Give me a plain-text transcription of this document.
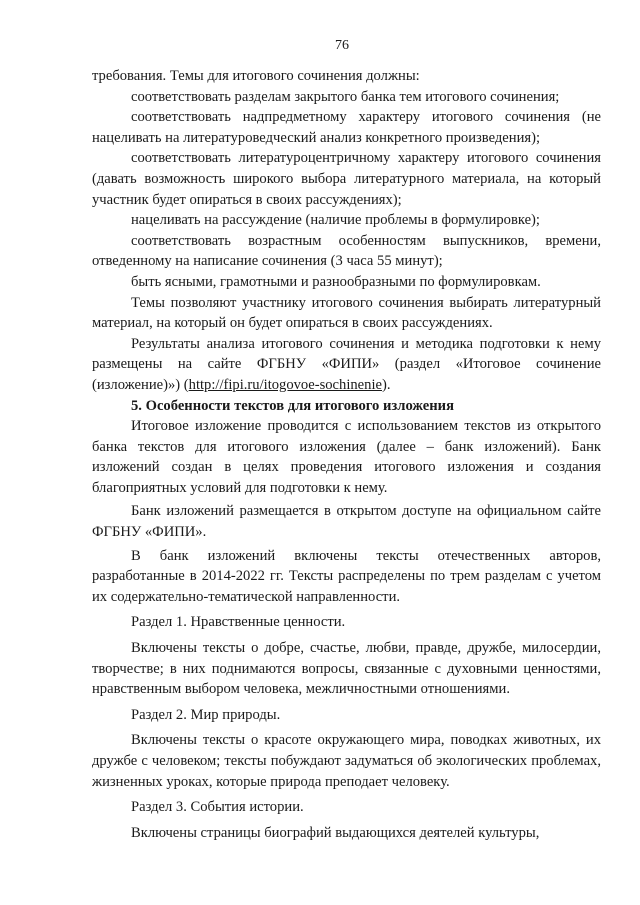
76

требования. Темы для итогового сочинения должны:

соответствовать разделам закрытого банка тем итогового сочинения;

соответствовать надпредметному характеру итогового сочинения (не нацеливать на литературоведческий анализ конкретного произведения);

соответствовать литературоцентричному характеру итогового сочинения (давать возможность широкого выбора литературного материала, на который участник будет опираться в своих рассуждениях);

нацеливать на рассуждение (наличие проблемы в формулировке);

соответствовать возрастным особенностям выпускников, времени, отведенному на написание сочинения (3 часа 55 минут);

быть ясными, грамотными и разнообразными по формулировкам.

Темы позволяют участнику итогового сочинения выбирать литературный материал, на который он будет опираться в своих рассуждениях.

Результаты анализа итогового сочинения и методика подготовки к нему размещены на сайте ФГБНУ «ФИПИ» (раздел «Итоговое сочинение (изложение)») (http://fipi.ru/itogovoe-sochinenie).

5. Особенности текстов для итогового изложения

Итоговое изложение проводится с использованием текстов из открытого банка текстов для итогового изложения (далее – банк изложений). Банк изложений создан в целях проведения итогового изложения и создания благоприятных условий для подготовки к нему.

Банк изложений размещается в открытом доступе на официальном сайте ФГБНУ «ФИПИ».

В банк изложений включены тексты отечественных авторов, разработанные в 2014-2022 гг. Тексты распределены по трем разделам с учетом их содержательно-тематической направленности.

Раздел 1. Нравственные ценности.

Включены тексты о добре, счастье, любви, правде, дружбе, милосердии, творчестве; в них поднимаются вопросы, связанные с духовными ценностями, нравственным выбором человека, межличностными отношениями.

Раздел 2. Мир природы.

Включены тексты о красоте окружающего мира, поводках животных, их дружбе с человеком; тексты побуждают задуматься об экологических проблемах, жизненных уроках, которые природа преподает человеку.

Раздел 3. События истории.

Включены страницы биографий выдающихся деятелей культуры,
